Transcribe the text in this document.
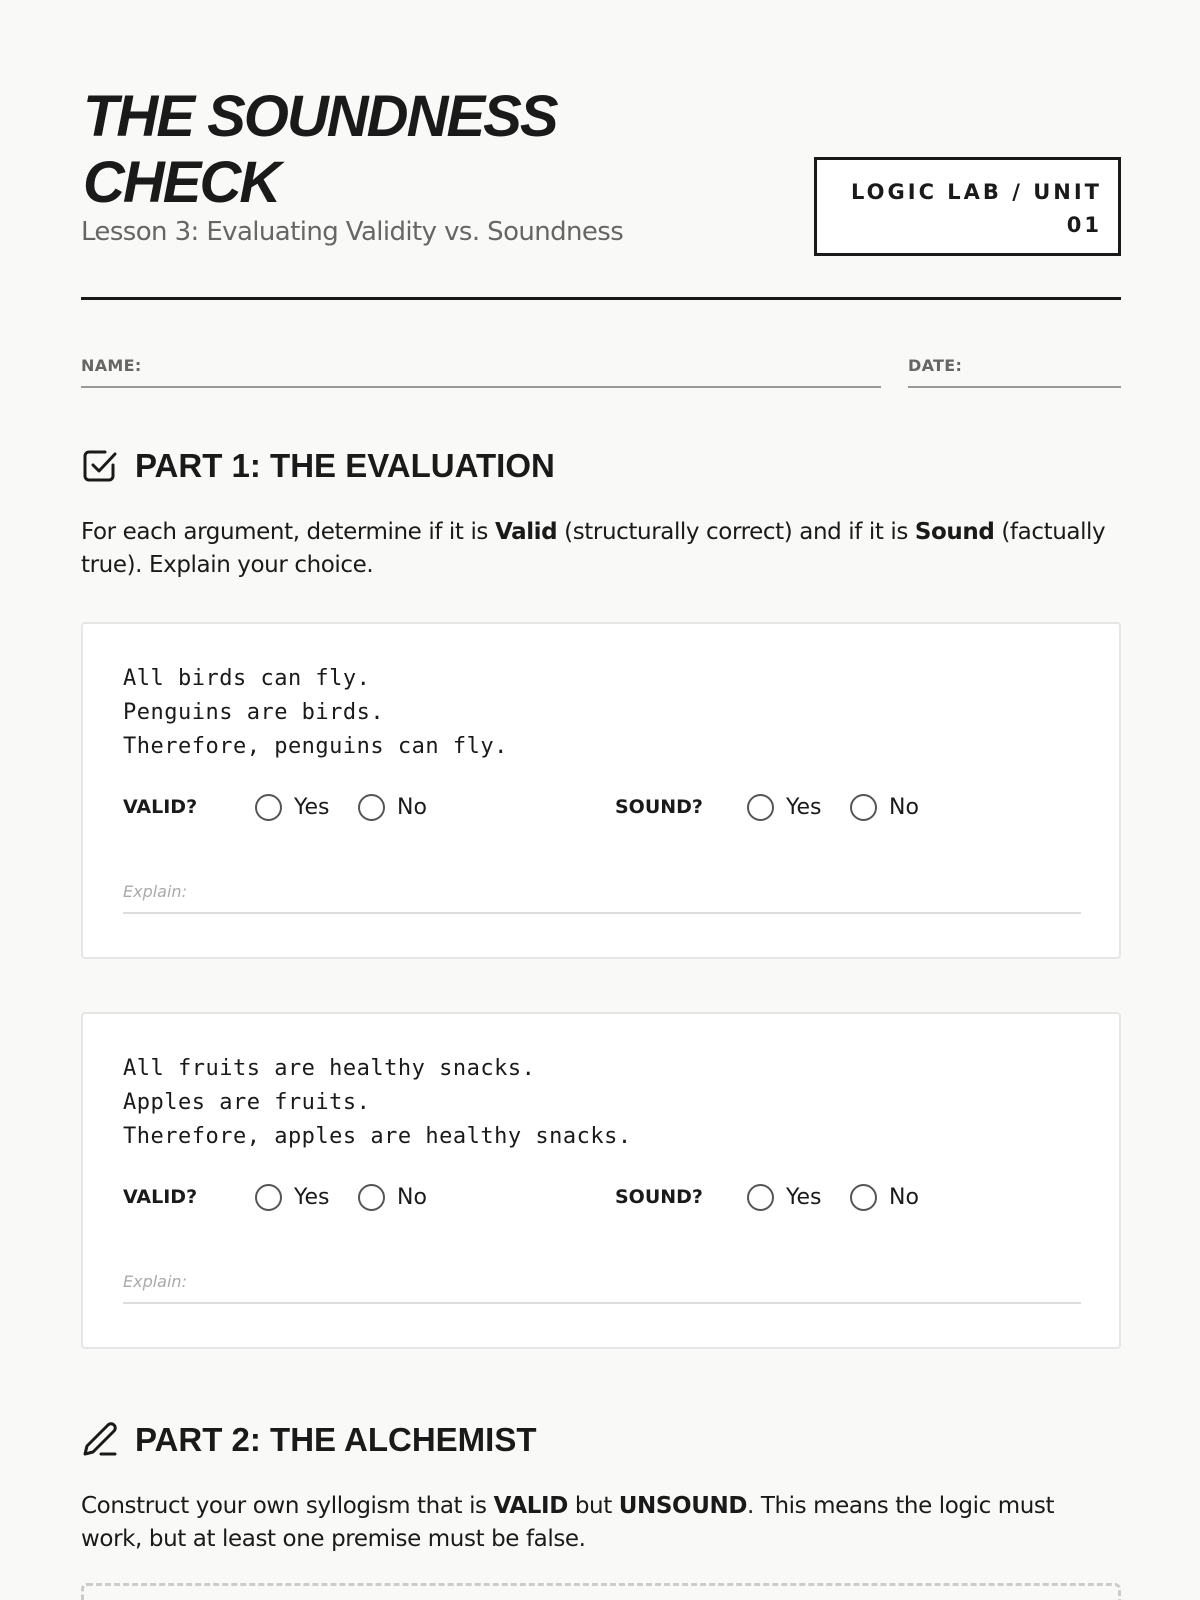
THE SOUNDNESS CHECK
Lesson 3: Evaluating Validity vs. Soundness
LOGIC LAB / UNIT
01
NAME:	DATE:
PART 1: THE EVALUATION

For each argument, determine if it is Valid (structurally correct) and if it is Sound (factually true). Explain your choice.

All birds can fly.
Penguins are birds.
Therefore, penguins can fly.
VALID?	Yes	No	SOUND?	Yes	No
Explain:
All fruits are healthy snacks.
Apples are fruits.
Therefore, apples are healthy snacks.
VALID?	Yes	No	SOUND?	Yes	No
Explain:
PART 2: THE ALCHEMIST

Construct your own syllogism that is VALID but UNSOUND. This means the logic must work, but at least one premise must be false.
